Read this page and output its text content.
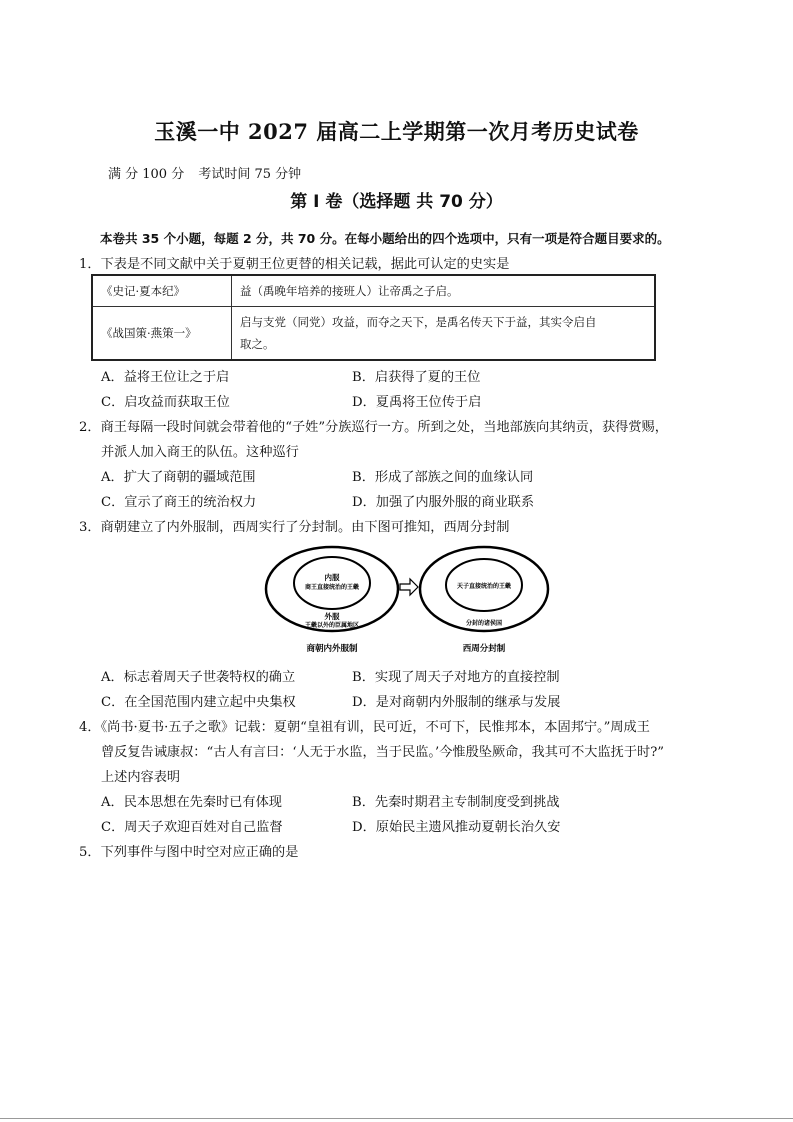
玉溪一中 2027 届高二上学期第一次月考历史试卷
满 分 100 分 考试时间 75 分钟
第 Ⅰ 卷（选择题 共 70 分）
本卷共 35 个小题，每题 2 分，共 70 分。在每小题给出的四个选项中，只有一项是符合题目要求的。
1．下表是不同文献中关于夏朝王位更替的相关记载，据此可认定的史实是
《史记·夏本纪》	益（禹晚年培养的接班人）让帝禹之子启。
《战国策·燕策一》	启与支党（同党）攻益，而夺之天下，是禹名传天下于益，其实令启自
取之。
A．益将王位让之于启	B．启获得了夏的王位
C．启攻益而获取王位	D．夏禹将王位传于启
2．商王每隔一段时间就会带着他的“子姓”分族巡行一方。所到之处，当地部族向其纳贡，获得赏赐，
并派人加入商王的队伍。这种巡行
A．扩大了商朝的疆域范围	B．形成了部族之间的血缘认同
C．宣示了商王的统治权力	D．加强了内服外服的商业联系
3．商朝建立了内外服制，西周实行了分封制。由下图可推知，西周分封制
内服
商王直接统治的王畿
外服
王畿以外的臣属地区
商朝内外服制
天子直接统治的王畿
分封的诸侯国
西周分封制
A．标志着周天子世袭特权的确立	B．实现了周天子对地方的直接控制
C．在全国范围内建立起中央集权	D．是对商朝内外服制的继承与发展
4．《尚书·夏书·五子之歌》记载：夏朝“皇祖有训，民可近，不可下，民惟邦本，本固邦宁。”周成王
曾反复告诫康叔：“古人有言曰：‘人无于水监，当于民监。’今惟殷坠厥命，我其可不大监抚于时?”
上述内容表明
A．民本思想在先秦时已有体现	B．先秦时期君主专制制度受到挑战
C．周天子欢迎百姓对自己监督	D．原始民主遗风推动夏朝长治久安
5．下列事件与图中时空对应正确的是
